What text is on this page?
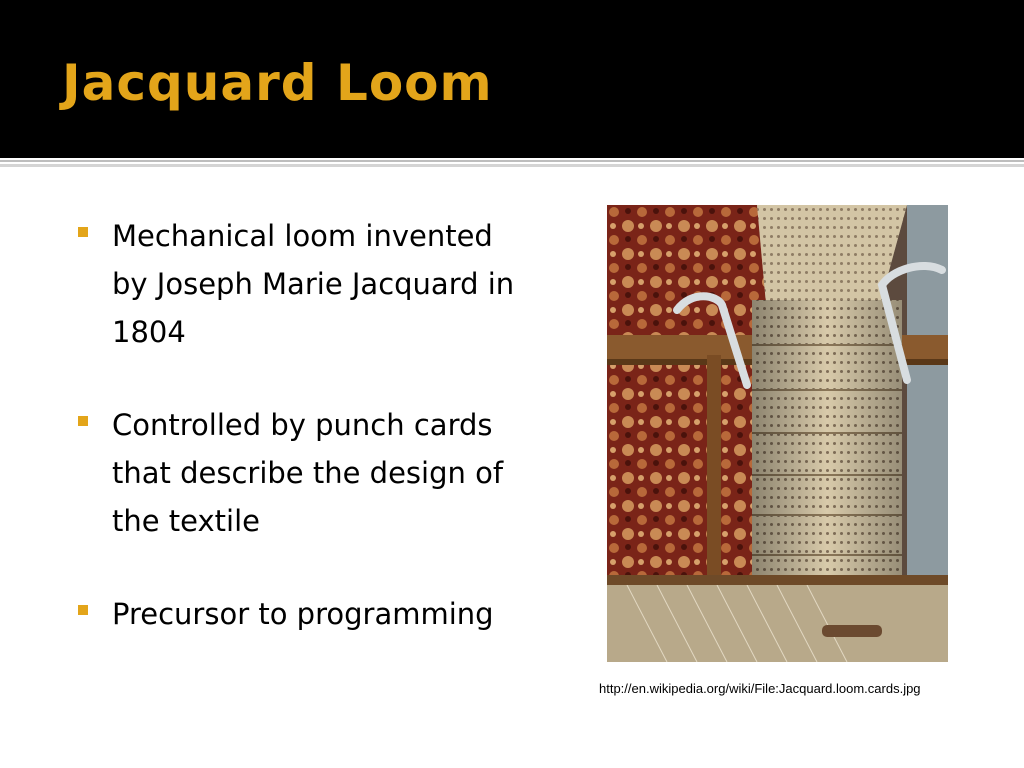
Jacquard Loom
Mechanical loom invented by Joseph Marie Jacquard in 1804
Controlled by punch cards that describe the design of the textile
Precursor to programming
http://en.wikipedia.org/wiki/File:Jacquard.loom.cards.jpg
